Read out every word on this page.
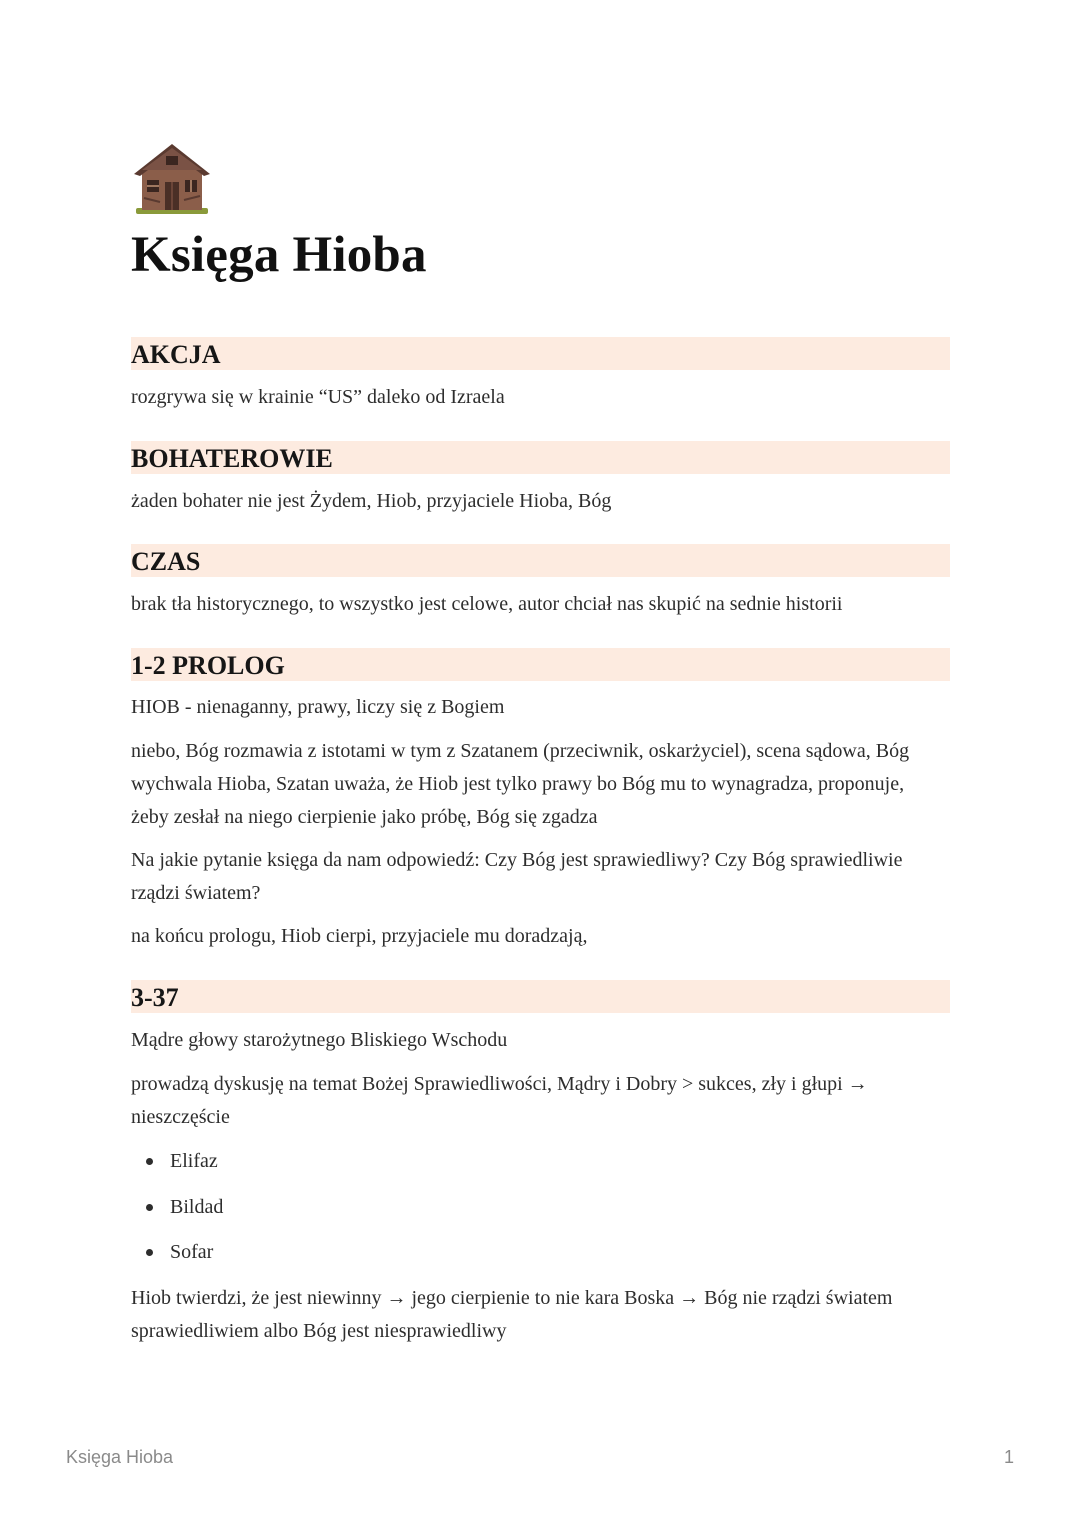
Księga Hioba
AKCJA

rozgrywa się w krainie “US” daleko od Izraela

BOHATEROWIE

żaden bohater nie jest Żydem, Hiob, przyjaciele Hioba, Bóg

CZAS

brak tła historycznego, to wszystko jest celowe, autor chciał nas skupić na sednie historii

1-2 PROLOG

HIOB - nienaganny, prawy, liczy się z Bogiem

niebo, Bóg rozmawia z istotami w tym z Szatanem (przeciwnik, oskarżyciel), scena sądowa, Bóg wychwala Hioba, Szatan uważa, że Hiob jest tylko prawy bo Bóg mu to wynagradza, proponuje, żeby zesłał na niego cierpienie jako próbę, Bóg się zgadza

Na jakie pytanie księga da nam odpowiedź: Czy Bóg jest sprawiedliwy? Czy Bóg sprawiedliwie rządzi światem?

na końcu prologu, Hiob cierpi, przyjaciele mu doradzają,

3-37

Mądre głowy starożytnego Bliskiego Wschodu

prowadzą dyskusję na temat Bożej Sprawiedliwości, Mądry i Dobry > sukces, zły i głupi → nieszczęście

Elifaz
Bildad
Sofar

Hiob twierdzi, że jest niewinny → jego cierpienie to nie kara Boska → Bóg nie rządzi światem sprawiedliwiem albo Bóg jest niesprawiedliwy

Księga Hioba	1
